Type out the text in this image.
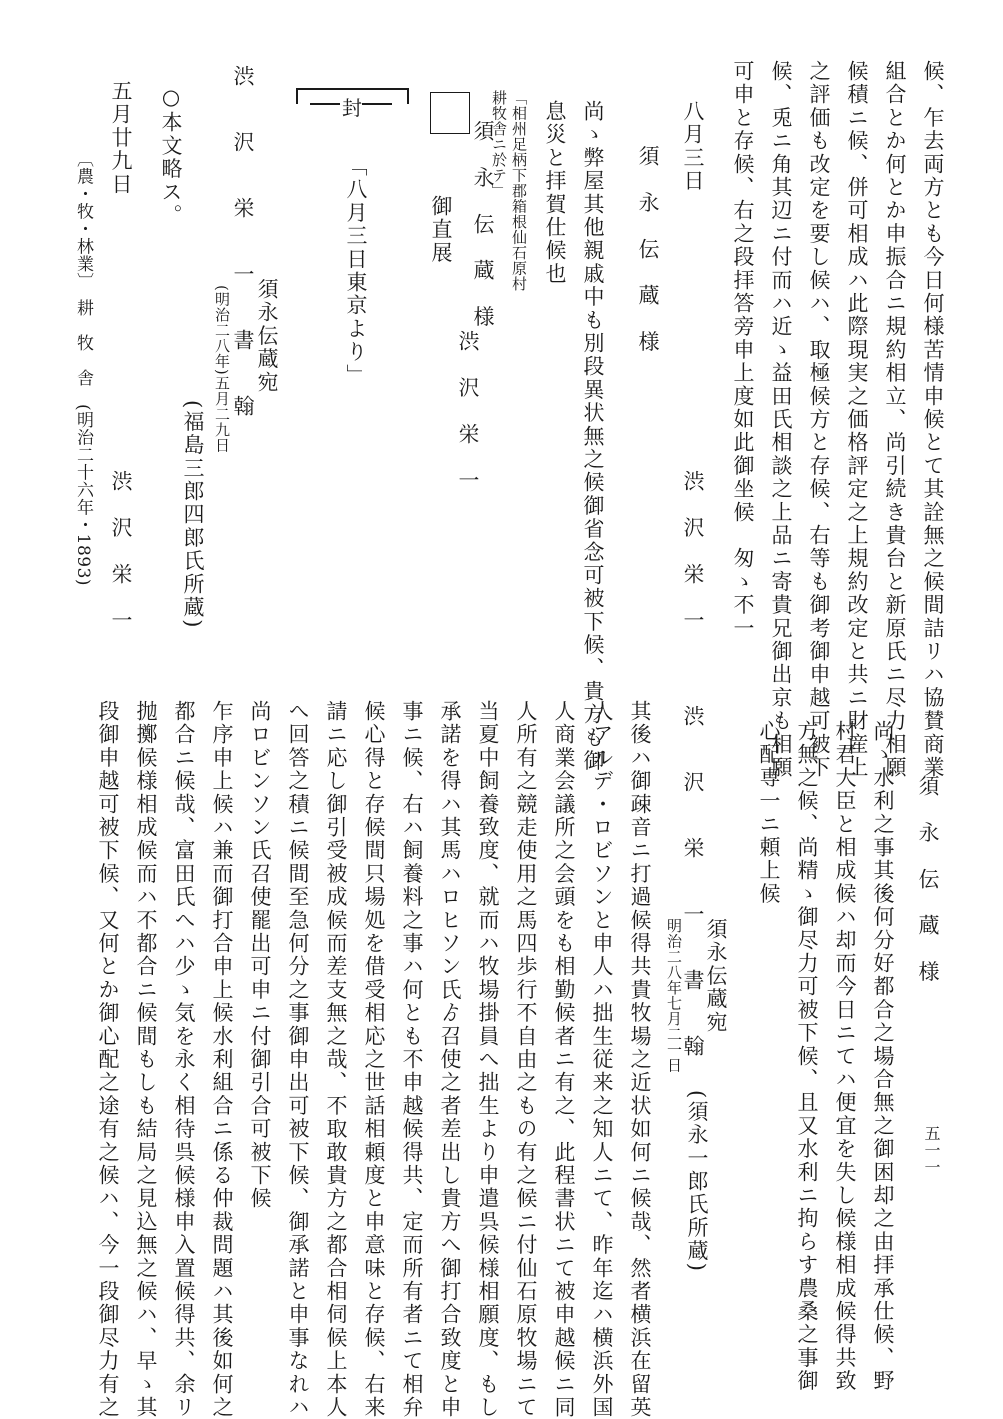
候、乍去両方とも今日何様苦情申候とて其詮無之候間詰リハ協賛商業
組合とか何とか申振合ニ規約相立、尚引続き貴台と新原氏ニ尽力相願
候積ニ候、併可相成ハ此際現実之価格評定之上規約改定と共ニ財産上
之評価も改定を要し候ハ、取極候方と存候、右等も御考御申越可被下
候、兎ニ角其辺ニ付而ハ近ゝ益田氏相談之上品ニ寄貴兄御出京も相願
可申と存候、右之段拝答旁申上度如此御坐候　匆ゝ不一
八月三日
渋　沢　栄　一
須　永　伝　蔵　様
尚ゝ弊屋其他親戚中も別段異状無之候御省念可被下候、貴方も御
息災と拝賀仕候也
「相州足柄下郡箱根仙石原村
耕牧舎ニ於テ」
須　永　伝　蔵　様
御直展
渋　沢　栄　一
封
「八月三日東京より」
渋　沢　栄　一　書　翰 須永伝蔵宛
(明治二八年)五月二九日
(福島三郎四郎氏所蔵)
○本文略ス。
五月廿九日
渋　沢　栄　一
〔農・牧・林業〕　耕　牧　舎　(明治二十六年・1893)
須　永　伝　蔵　様
尚ゝ水利之事其後何分好都合之場合無之御困却之由拝承仕候、野
村君大臣と相成候ハ却而今日ニてハ便宜を失し候様相成候得共致
方無之候、尚精ゝ御尽力可被下候、且又水利ニ拘らす農桑之事御
心配専一ニ頼上候
渋　沢　栄　一　書　翰 須永伝蔵宛
明治二八年七月二一日
(須永一郎氏所蔵)
其後ハ御疎音ニ打過候得共貴牧場之近状如何ニ候哉、然者横浜在留英
人アルデ・ロビソンと申人ハ拙生従来之知人ニて、昨年迄ハ横浜外国
人商業会議所之会頭をも相勤候者ニ有之、此程書状ニて被申越候ニ同
人所有之競走使用之馬四歩行不自由之もの有之候ニ付仙石原牧場ニて
当夏中飼養致度、就而ハ牧場掛員へ拙生より申遣呉候様相願度、もし
承諾を得ハ其馬ハロヒソン氏ゟ召使之者差出し貴方へ御打合致度と申
事ニ候、右ハ飼養料之事ハ何とも不申越候得共、定而所有者ニて相弁
候心得と存候間只場処を借受相応之世話相頼度と申意味と存候、右来
請ニ応し御引受被成候而差支無之哉、不取敢貴方之都合相伺候上本人
へ回答之積ニ候間至急何分之事御申出可被下候、御承諾と申事なれハ
尚ロビンソン氏召使罷出可申ニ付御引合可被下候
乍序申上候ハ兼而御打合申上候水利組合ニ係る仲裁問題ハ其後如何之
都合ニ候哉、富田氏へハ少ゝ気を永く相待呉候様申入置候得共、余リ
抛擲候様相成候而ハ不都合ニ候間もしも結局之見込無之候ハ、早ゝ其
段御申越可被下候、又何とか御心配之途有之候ハ、今一段御尽力有之	五一一
